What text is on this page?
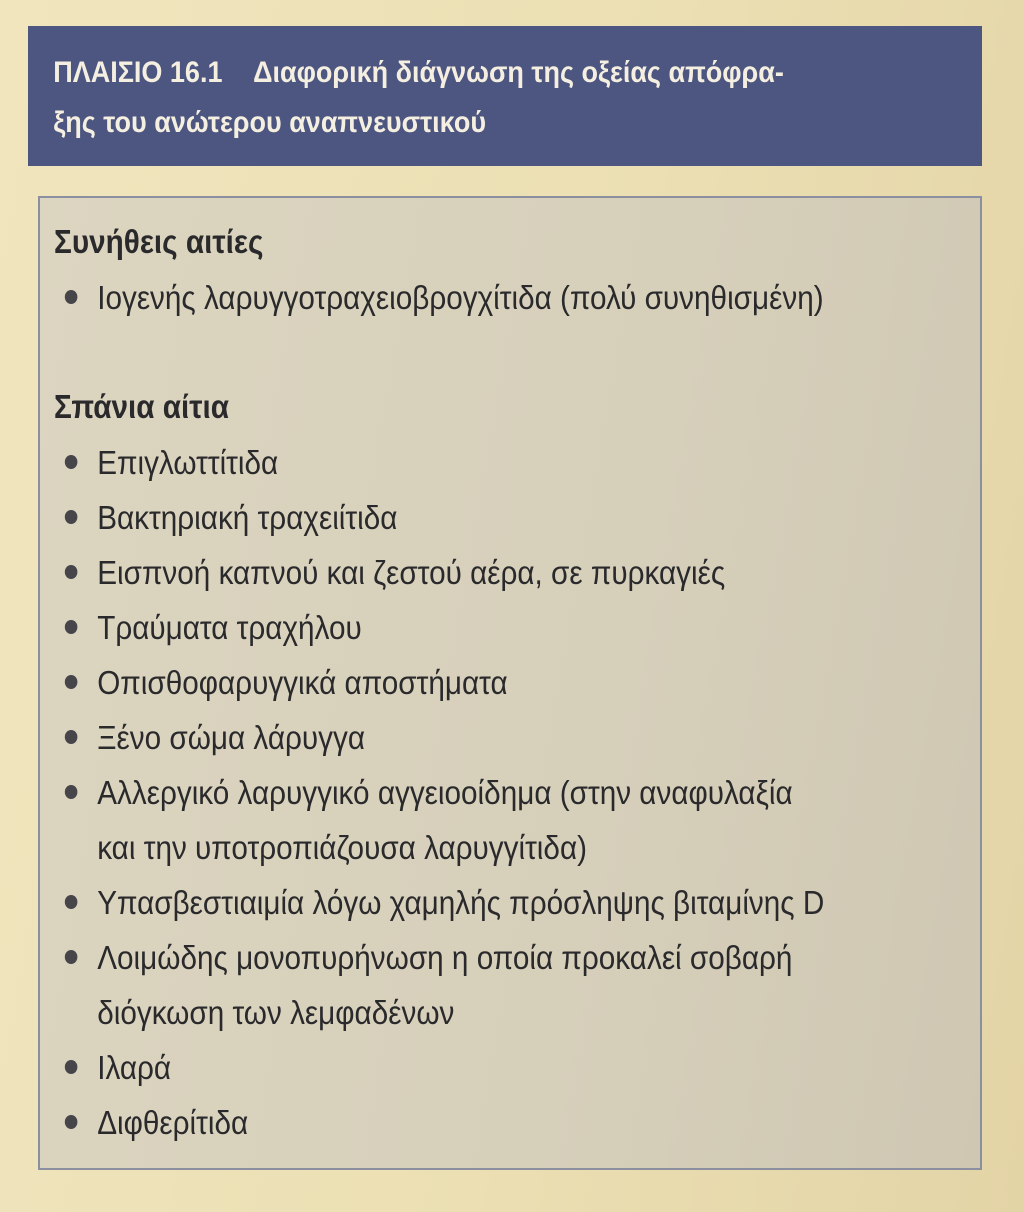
ΠΛΑΙΣΙΟ 16.1 Διαφορική διάγνωση της οξείας απόφρα-
ξης του ανώτερου αναπνευστικού
Συνήθεις αιτίες
Ιογενής λαρυγγοτραχειοβρογχίτιδα (πολύ συνηθισμένη)
Σπάνια αίτια
Επιγλωττίτιδα
Βακτηριακή τραχειίτιδα
Εισπνοή καπνού και ζεστού αέρα, σε πυρκαγιές
Τραύματα τραχήλου
Οπισθοφαρυγγικά αποστήματα
Ξένο σώμα λάρυγγα
Αλλεργικό λαρυγγικό αγγειοοίδημα (στην αναφυλαξία
και την υποτροπιάζουσα λαρυγγίτιδα)
Υπασβεστιαιμία λόγω χαμηλής πρόσληψης βιταμίνης D
Λοιμώδης μονοπυρήνωση η οποία προκαλεί σοβαρή
διόγκωση των λεμφαδένων
Ιλαρά
Διφθερίτιδα
